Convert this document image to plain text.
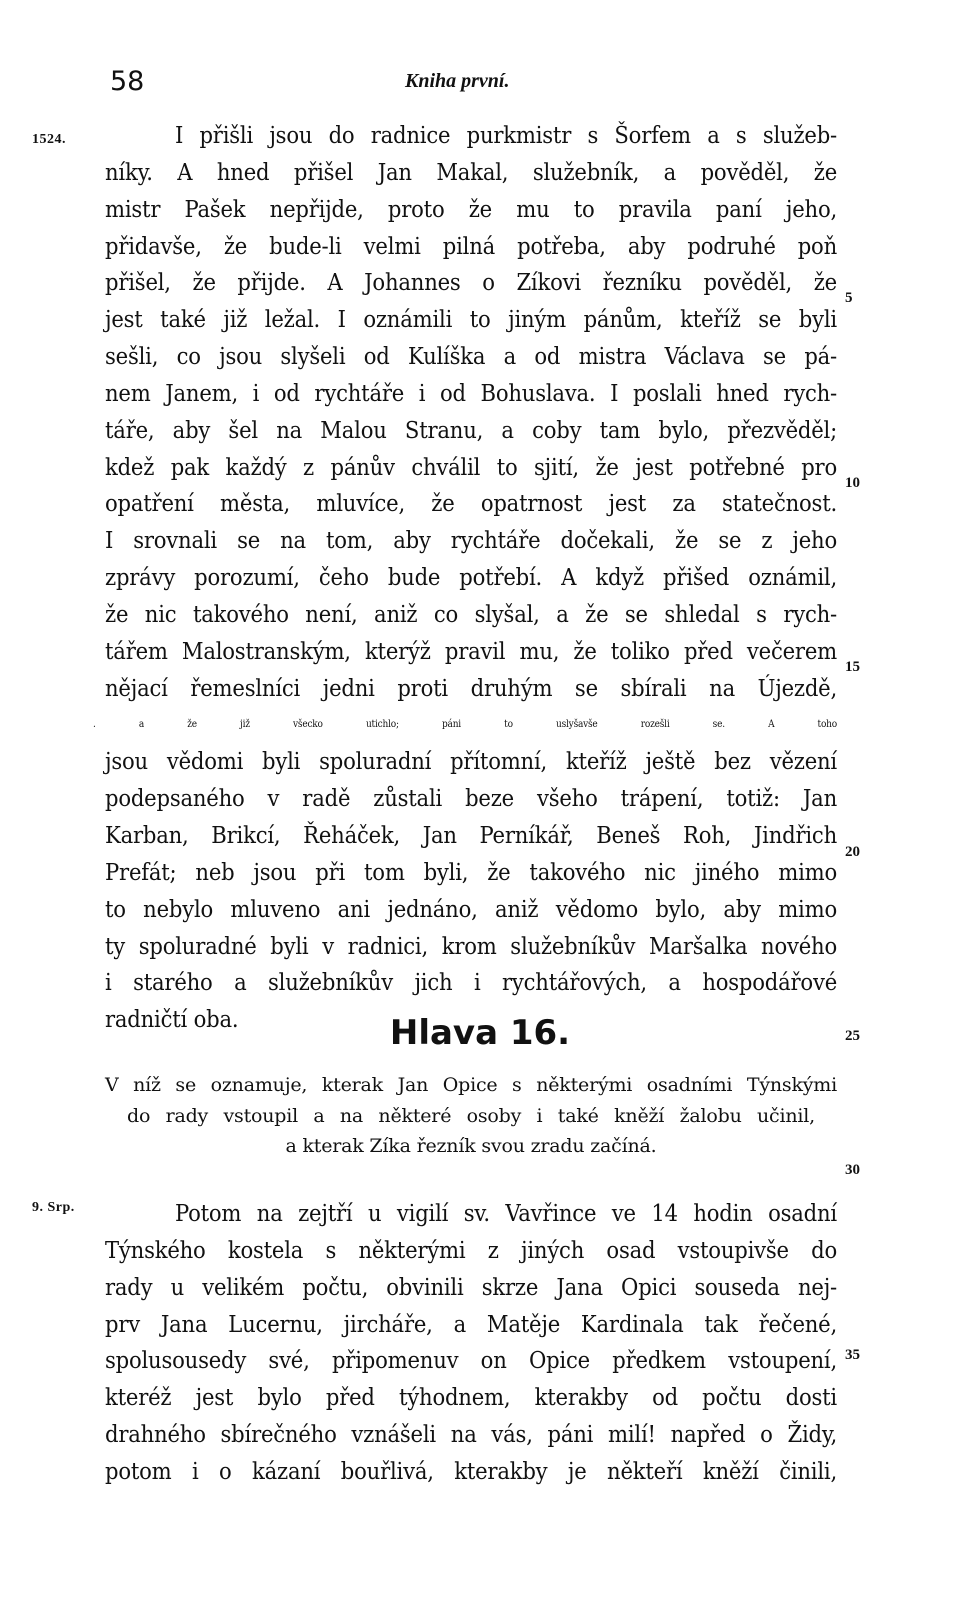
58	Kniha první.
1524.
9. Srp.
5
10
15
20
25
30
35
I přišli jsou do radnice purkmistr s Šorfem a s služeb-
níky. A hned přišel Jan Makal, služebník, a pověděl, že
mistr Pašek nepřijde, proto že mu to pravila paní jeho,
přidavše, že bude-li velmi pilná potřeba, aby podruhé poň
přišel, že přijde. A Johannes o Zíkovi řezníku pověděl, že
jest také již ležal. I oznámili to jiným pánům, kteříž se byli
sešli, co jsou slyšeli od Kulíška a od mistra Václava se pá-
nem Janem, i od rychtáře i od Bohuslava. I poslali hned rych-
táře, aby šel na Malou Stranu, a coby tam bylo, přezvěděl;
kdež pak každý z pánův chválil to sjití, že jest potřebné pro
opatření města, mluvíce, že opatrnost jest za statečnost.
I srovnali se na tom, aby rychtáře dočekali, že se z jeho
zprávy porozumí, čeho bude potřebí. A když přišed oznámil,
že nic takového není, aniž co slyšal, a že se shledal s rych-
tářem Malostranským, kterýž pravil mu, že toliko před večerem
nějací řemeslníci jedni proti druhým se sbírali na Újezdě,
. a že již všecko utichlo; páni to uslyšavše rozešli se. A toho
jsou vědomi byli spoluradní přítomní, kteříž ještě bez vězení
podepsaného v radě zůstali beze všeho trápení, totiž: Jan
Karban, Brikcí, Řeháček, Jan Perníkář, Beneš Roh, Jindřich
Prefát; neb jsou při tom byli, že takového nic jiného mimo
to nebylo mluveno ani jednáno, aniž vědomo bylo, aby mimo
ty spoluradné byli v radnici, krom služebníkův Maršalka nového
i starého a služebníkův jich i rychtářových, a hospodářové
radničtí oba.	Hlava 16.
V níž se oznamuje, kterak Jan Opice s některými osadními Týnskými
do rady vstoupil a na některé osoby i také kněží žalobu učinil,
a kterak Zíka řezník svou zradu začíná.
Potom na zejtří u vigilí sv. Vavřince ve 14 hodin osadní
Týnského kostela s některými z jiných osad vstoupivše do
rady u velikém počtu, obvinili skrze Jana Opici souseda nej-
prv Jana Lucernu, jircháře, a Matěje Kardinala tak řečené,
spolusousedy své, připomenuv on Opice předkem vstoupení,
kteréž jest bylo před týhodnem, kterakby od počtu dosti
drahného sbírečného vznášeli na vás, páni milí! napřed o Židy,
potom i o kázaní bouřlivá, kterakby je někteří kněží činili,
